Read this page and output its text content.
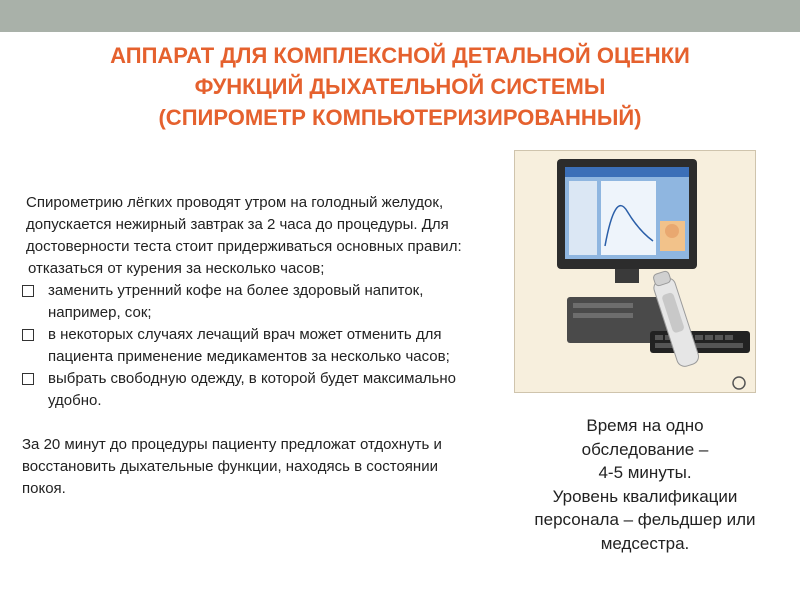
АППАРАТ ДЛЯ КОМПЛЕКСНОЙ ДЕТАЛЬНОЙ ОЦЕНКИ
ФУНКЦИЙ ДЫХАТЕЛЬНОЙ СИСТЕМЫ
(СПИРОМЕТР КОМПЬЮТЕРИЗИРОВАННЫЙ)

Спирометрию лёгких проводят утром на голодный желудок, допускается нежирный завтрак за 2 часа до процедуры. Для достоверности теста стоит придерживаться основных правил:

отказаться от курения за несколько часов;

заменить утренний кофе на более здоровый напиток, например, сок;
в некоторых случаях лечащий врач может отменить для пациента применение медикаментов за несколько часов;
выбрать свободную одежду, в которой будет максимально удобно.

За 20 минут до процедуры пациенту предложат отдохнуть и восстановить дыхательные функции, находясь в состоянии покоя.

Время на одно
обследование –
4-5 минуты.
Уровень квалификации
персонала – фельдшер или
медсестра.
